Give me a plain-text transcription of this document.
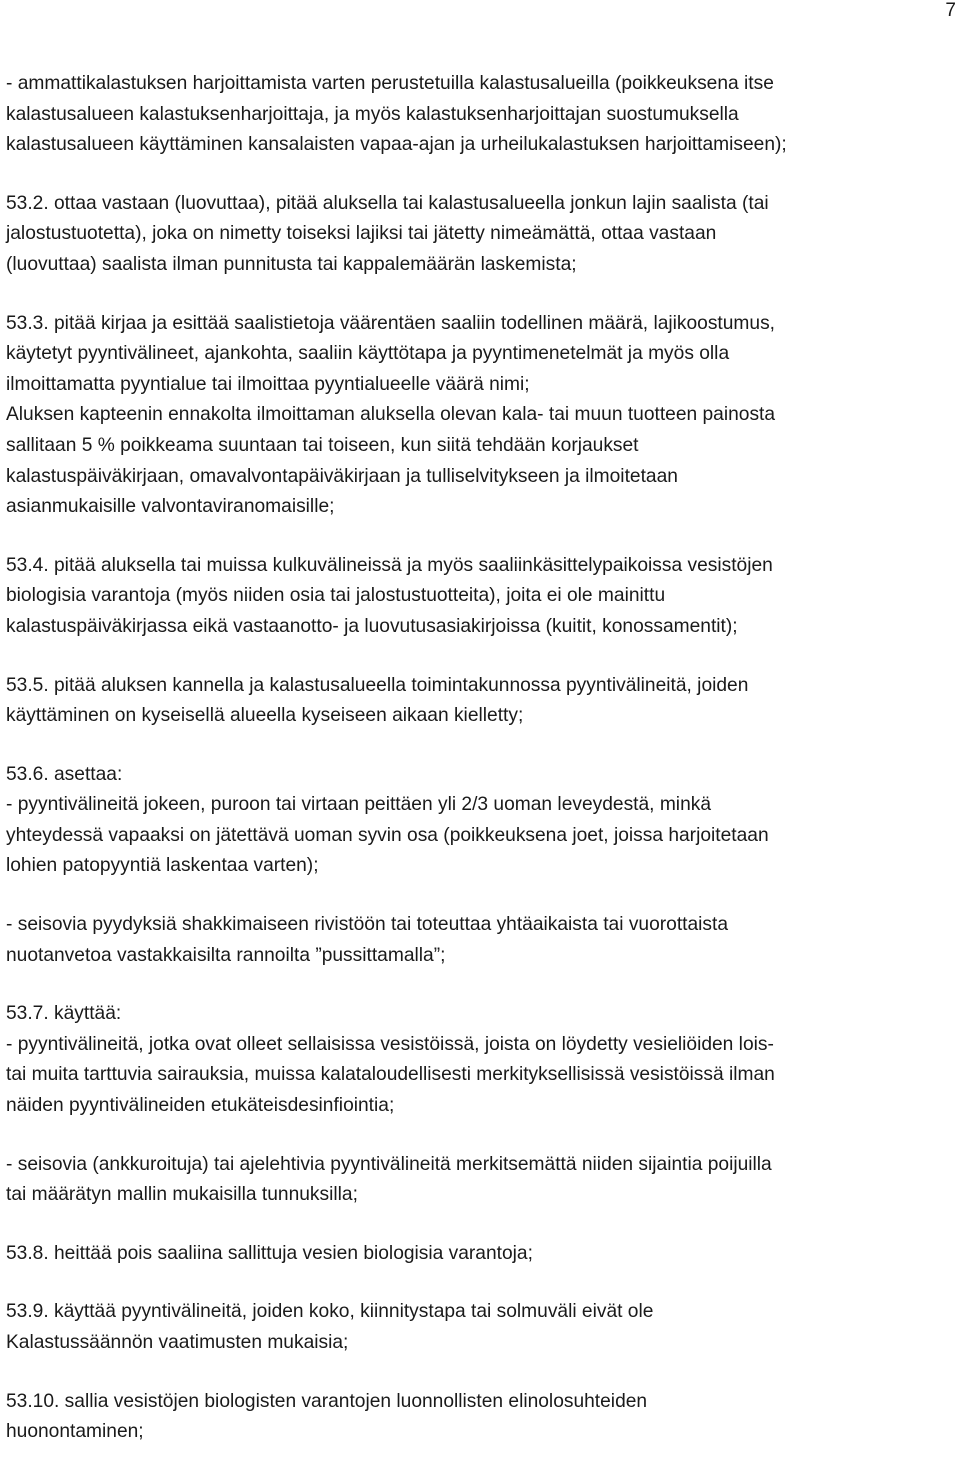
7

- ammattikalastuksen harjoittamista varten perustetuilla kalastusalueilla (poikkeuksena itse
kalastusalueen kalastuksenharjoittaja, ja myös kalastuksenharjoittajan suostumuksella
kalastusalueen käyttäminen kansalaisten vapaa-ajan ja urheilukalastuksen harjoittamiseen);

53.2. ottaa vastaan (luovuttaa), pitää aluksella tai kalastusalueella jonkun lajin saalista (tai
jalostustuotetta), joka on nimetty toiseksi lajiksi tai jätetty nimeämättä, ottaa vastaan
(luovuttaa) saalista ilman punnitusta tai kappalemäärän laskemista;

53.3. pitää kirjaa ja esittää saalistietoja väärentäen saaliin todellinen määrä, lajikoostumus,
käytetyt pyyntivälineet, ajankohta, saaliin käyttötapa ja pyyntimenetelmät ja myös olla
ilmoittamatta pyyntialue tai ilmoittaa pyyntialueelle väärä nimi;
Aluksen kapteenin ennakolta ilmoittaman aluksella olevan kala- tai muun tuotteen painosta
sallitaan 5 % poikkeama suuntaan tai toiseen, kun siitä tehdään korjaukset
kalastuspäiväkirjaan, omavalvontapäiväkirjaan ja tulliselvitykseen ja ilmoitetaan
asianmukaisille valvontaviranomaisille;

53.4. pitää aluksella tai muissa kulkuvälineissä ja myös saaliinkäsittelypaikoissa vesistöjen
biologisia varantoja (myös niiden osia tai jalostustuotteita), joita ei ole mainittu
kalastuspäiväkirjassa eikä vastaanotto- ja luovutusasiakirjoissa (kuitit, konossamentit);

53.5. pitää aluksen kannella ja kalastusalueella toimintakunnossa pyyntivälineitä, joiden
käyttäminen on kyseisellä alueella kyseiseen aikaan kielletty;

53.6. asettaa:
- pyyntivälineitä jokeen, puroon tai virtaan peittäen yli 2/3 uoman leveydestä, minkä
yhteydessä vapaaksi on jätettävä uoman syvin osa (poikkeuksena joet, joissa harjoitetaan
lohien patopyyntiä laskentaa varten);

- seisovia pyydyksiä shakkimaiseen rivistöön tai toteuttaa yhtäaikaista tai vuorottaista
nuotanvetoa vastakkaisilta rannoilta ”pussittamalla”;

53.7. käyttää:
- pyyntivälineitä, jotka ovat olleet sellaisissa vesistöissä, joista on löydetty vesieliöiden lois-
tai muita tarttuvia sairauksia, muissa kalataloudellisesti merkityksellisissä vesistöissä ilman
näiden pyyntivälineiden etukäteisdesinfiointia;

- seisovia (ankkuroituja) tai ajelehtivia pyyntivälineitä merkitsemättä niiden sijaintia poijuilla
tai määrätyn mallin mukaisilla tunnuksilla;

53.8. heittää pois saaliina sallittuja vesien biologisia varantoja;

53.9. käyttää pyyntivälineitä, joiden koko, kiinnitystapa tai solmuväli eivät ole
Kalastussäännön vaatimusten mukaisia;

53.10. sallia vesistöjen biologisten varantojen luonnollisten elinolosuhteiden
huonontaminen;
